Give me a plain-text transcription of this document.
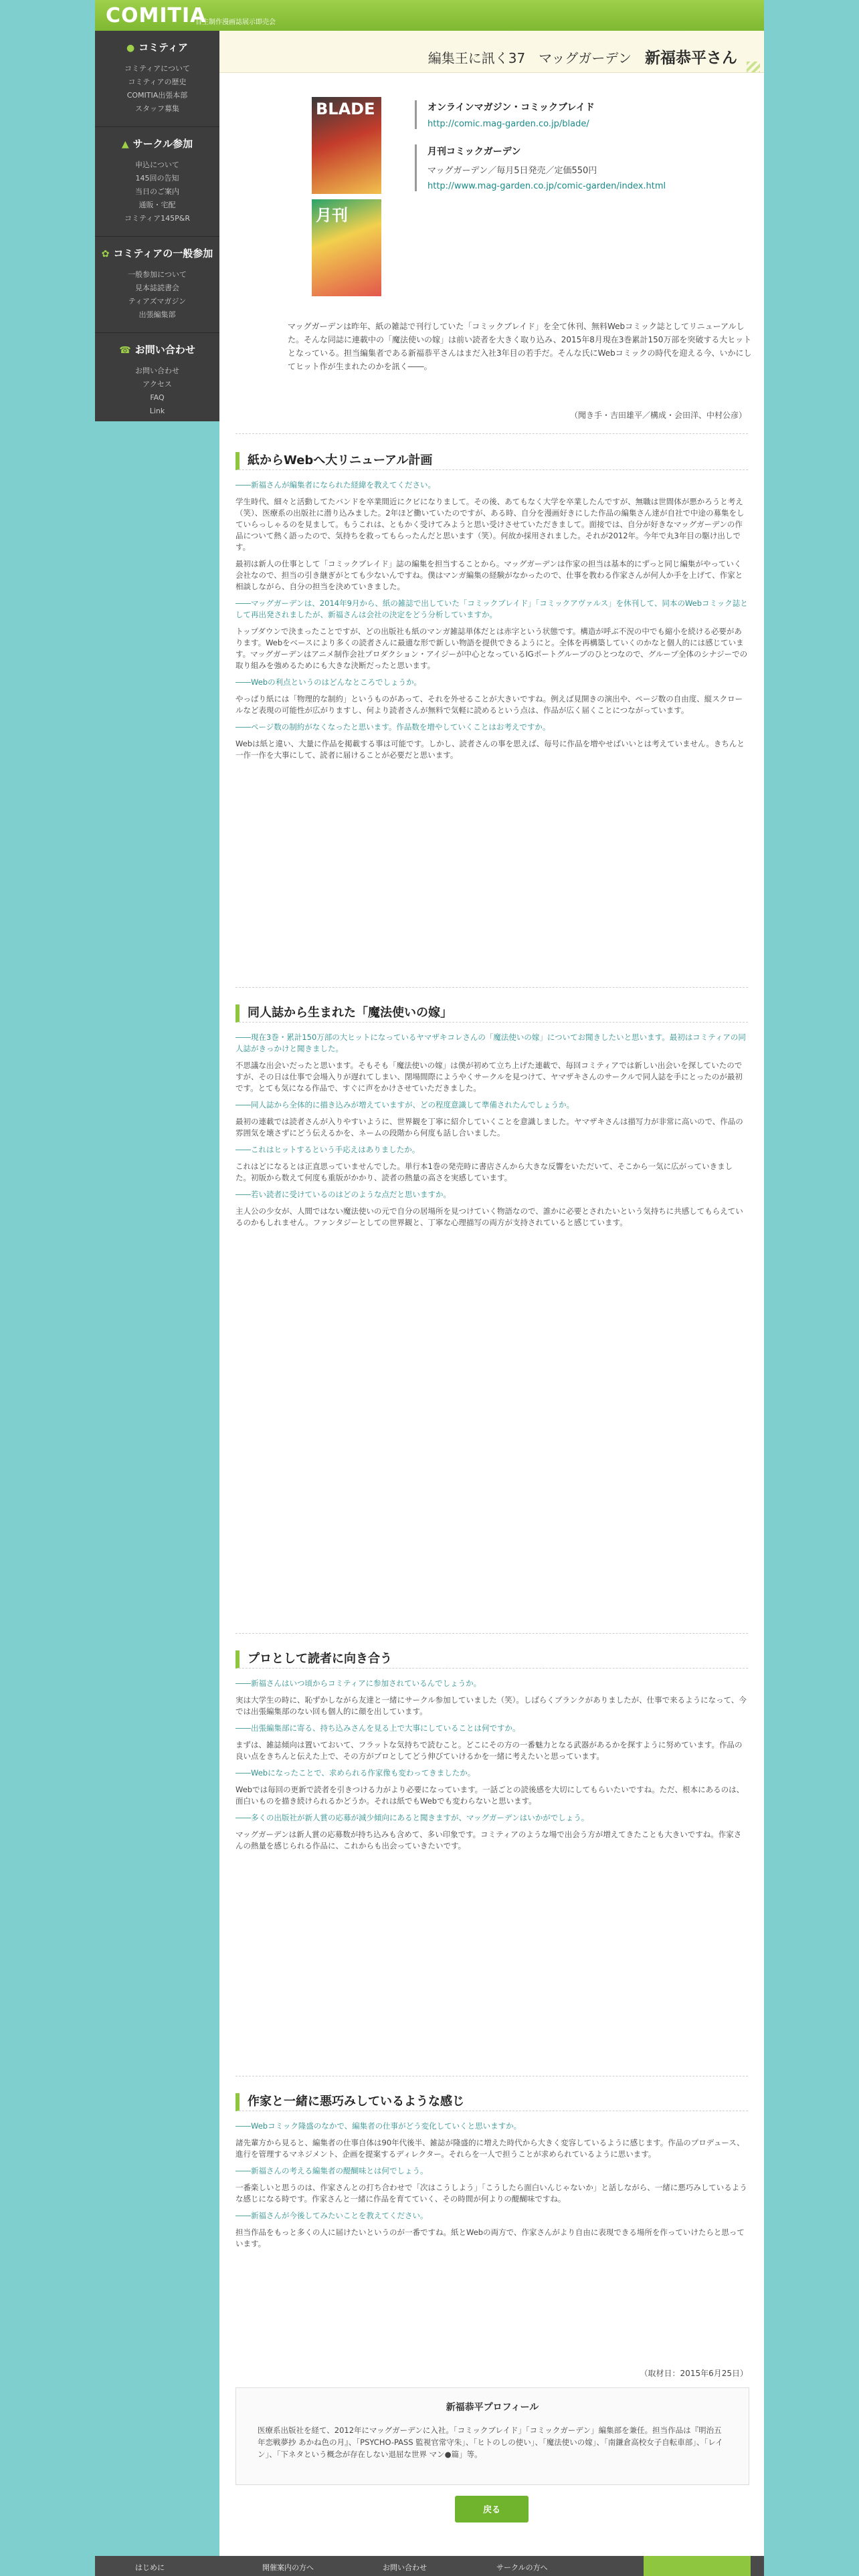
COMITIA
自主制作漫画誌展示即売会
● コミティア
コミティアについて
コミティアの歴史
COMITIA出張本部
スタッフ募集
▲ サークル参加
申込について
145回の告知
当日のご案内
通販・宅配
コミティア145P&R
✿ コミティアの一般参加
一般参加について
見本誌読書会
ティアズマガジン
出張編集部
☎ お問い合わせ
お問い合わせ
アクセス
FAQ
Link
編集王に訊く37　マッグガーデン　新福恭平さん
BLADE
月刊
オンラインマガジン・コミックブレイド
http://comic.mag-garden.co.jp/blade/
月刊コミックガーデン
マッグガーデン／毎月5日発売／定価550円
http://www.mag-garden.co.jp/comic-garden/index.html
マッグガーデンは昨年、紙の雑誌で刊行していた「コミックブレイド」を全て休刊、無料Webコミック誌としてリニューアルした。そんな同誌に連載中の「魔法使いの嫁」は前い読者を大きく取り込み、2015年8月現在3巻累計150万部を突破する大ヒットとなっている。担当編集者である新福恭平さんはまだ入社3年目の若手だ。そんな氏にWebコミックの時代を迎える今、いかにしてヒット作が生まれたのかを訊く――。
（聞き手・吉田雄平／構成・会田洋、中村公彦）
紙からWebへ大リニューアル計画

――新福さんが編集者になられた経緯を教えてください。

学生時代、細々と活動してたバンドを卒業間近にクビになりまして。その後、あてもなく大学を卒業したんですが、無職は世間体が悪かろうと考え（笑）、医療系の出版社に潜り込みました。2年ほど働いていたのですが、ある時、自分を漫画好きにした作品の編集さん達が自社で中途の募集をしていらっしゃるのを見まして。もうこれは、ともかく受けてみようと思い受けさせていただきまして。面接では、自分が好きなマッグガーデンの作品について熱く語ったので、気持ちを救ってもらったんだと思います（笑）。何故か採用されました。それが2012年。今年で丸3年目の駆け出しです。

最初は新人の仕事として「コミックブレイド」誌の編集を担当することから。マッグガーデンは作家の担当は基本的にずっと同じ編集がやっていく会社なので、担当の引き継ぎがとても少ないんですね。僕はマンガ編集の経験がなかったので、仕事を教わる作家さんが何人か手を上げて、作家と相談しながら、自分の担当を決めていきました。

――マッグガーデンは、2014年9月から、紙の雑誌で出していた「コミックブレイド」「コミックアヴァルス」を休刊して、同本のWebコミック誌として再出発されましたが、新福さんは会社の決定をどう分析していますか。

トップダウンで決まったことですが、どの出版社も紙のマンガ雑誌単体だとは赤字という状態です。構造が呼ぶ不況の中でも縮小を続ける必要があります。Webをベースにより多くの読者さんに最適な形で新しい物語を提供できるようにと。全体を再構築していくのかなと個人的には感じています。マッグガーデンはアニメ制作会社プロダクション・アイジーが中心となっているIGポートグループのひとつなので、グループ全体のシナジーでの取り組みを強めるためにも大きな決断だったと思います。

――Webの利点というのはどんなところでしょうか。

やっぱり紙には「物理的な制約」というものがあって、それを外せることが大きいですね。例えば見開きの演出や、ページ数の自由度、縦スクロールなど表現の可能性が広がりますし、何より読者さんが無料で気軽に読めるという点は、作品が広く届くことにつながっています。

――ページ数の制約がなくなったと思います。作品数を増やしていくことはお考えですか。

Webは紙と違い、大量に作品を掲載する事は可能です。しかし、読者さんの事を思えば、毎号に作品を増やせばいいとは考えていません。きちんと一作一作を大事にして、読者に届けることが必要だと思います。

同人誌から生まれた「魔法使いの嫁」

――現在3巻・累計150万部の大ヒットになっているヤマザキコレさんの「魔法使いの嫁」についてお聞きしたいと思います。最初はコミティアの同人誌がきっかけと聞きました。

不思議な出会いだったと思います。そもそも「魔法使いの嫁」は僕が初めて立ち上げた連載で、毎回コミティアでは新しい出会いを探していたのですが、その日は仕事で会場入りが遅れてしまい、閉場間際にようやくサークルを見つけて、ヤマザキさんのサークルで同人誌を手にとったのが最初です。とても気になる作品で、すぐに声をかけさせていただきました。

――同人誌から全体的に描き込みが増えていますが、どの程度意識して準備されたんでしょうか。

最初の連載では読者さんが入りやすいように、世界観を丁寧に紹介していくことを意識しました。ヤマザキさんは描写力が非常に高いので、作品の雰囲気を壊さずにどう伝えるかを、ネームの段階から何度も話し合いました。

――これはヒットするという手応えはありましたか。

これはどになるとは正直思っていませんでした。単行本1巻の発売時に書店さんから大きな反響をいただいて、そこから一気に広がっていきました。初版から数えて何度も重版がかかり、読者の熱量の高さを実感しています。

――若い読者に受けているのはどのような点だと思いますか。

主人公の少女が、人間ではない魔法使いの元で自分の居場所を見つけていく物語なので、誰かに必要とされたいという気持ちに共感してもらえているのかもしれません。ファンタジーとしての世界観と、丁寧な心理描写の両方が支持されていると感じています。

プロとして読者に向き合う

――新福さんはいつ頃からコミティアに参加されているんでしょうか。

実は大学生の時に、恥ずかしながら友達と一緒にサークル参加していました（笑）。しばらくブランクがありましたが、仕事で来るようになって、今では出張編集部のない回も個人的に顔を出しています。

――出張編集部に寄る、持ち込みさんを見る上で大事にしていることは何ですか。

まずは、雑誌傾向は置いておいて、フラットな気持ちで読むこと。どこにその方の一番魅力となる武器があるかを探すように努めています。作品の良い点をきちんと伝えた上で、その方がプロとしてどう伸びていけるかを一緒に考えたいと思っています。

――Webになったことで、求められる作家像も変わってきましたか。

Webでは毎回の更新で読者を引きつける力がより必要になっています。一話ごとの読後感を大切にしてもらいたいですね。ただ、根本にあるのは、面白いものを描き続けられるかどうか。それは紙でもWebでも変わらないと思います。

――多くの出版社が新人賞の応募が減少傾向にあると聞きますが、マッグガーデンはいかがでしょう。

マッグガーデンは新人賞の応募数が持ち込みも含めて、多い印象です。コミティアのような場で出会う方が増えてきたことも大きいですね。作家さんの熱量を感じられる作品に、これからも出会っていきたいです。

作家と一緒に悪巧みしているような感じ

――Webコミック隆盛のなかで、編集者の仕事がどう変化していくと思いますか。

諸先輩方から見ると、編集者の仕事自体は90年代後半、雑誌が隆盛的に増えた時代から大きく変容しているように感じます。作品のプロデュース、進行を管理するマネジメント、企画を提案するディレクター。それらを一人で担うことが求められているように思います。

――新福さんの考える編集者の醍醐味とは何でしょう。

一番楽しいと思うのは、作家さんとの打ち合わせで「次はこうしよう」「こうしたら面白いんじゃないか」と話しながら、一緒に悪巧みしているような感じになる時です。作家さんと一緒に作品を育てていく、その時間が何よりの醍醐味ですね。

――新福さんが今後してみたいことを教えてください。

担当作品をもっと多くの人に届けたいというのが一番ですね。紙とWebの両方で、作家さんがより自由に表現できる場所を作っていけたらと思っています。

（取材日：2015年6月25日）
新福恭平プロフィール
医療系出版社を経て、2012年にマッグガーデンに入社。「コミックブレイド」「コミックガーデン」編集部を兼任。担当作品は『明治五年恋戦夢抄 あかね色の月』、「PSYCHO-PASS 監視官常守朱」、「ヒトのしの使い」、「魔法使いの嫁」、「南鎌倉高校女子自転車部」、「レイン」、「下ネタという概念が存在しない退屈な世界 マン●篇」等。
戻る
はじめに	開催案内の方へ	お問い合わせ	サークルの方へ
